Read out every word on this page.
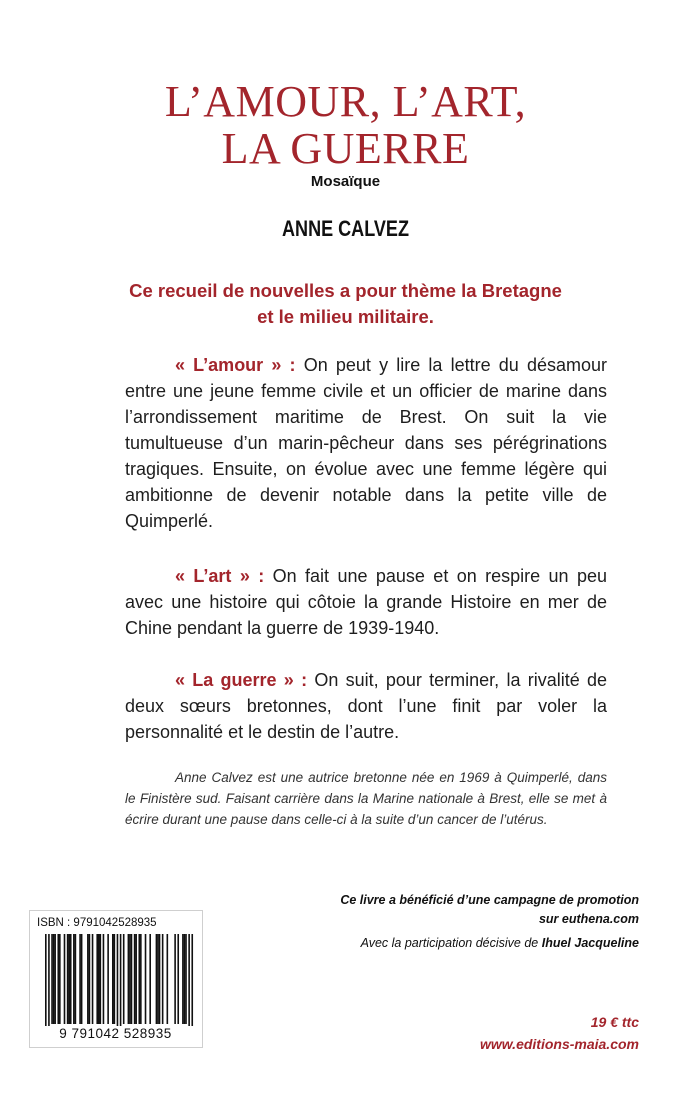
L’AMOUR, L’ART,
LA GUERRE
Mosaïque
ANNE CALVEZ
Ce recueil de nouvelles a pour thème la Bretagne
et le milieu militaire.
« L’amour » : On peut y lire la lettre du désamour entre une jeune femme civile et un officier de marine dans l’arrondissement maritime de Brest. On suit la vie tumultueuse d’un marin-pêcheur dans ses pérégrinations tragiques. Ensuite, on évolue avec une femme légère qui ambitionne de devenir notable dans la petite ville de Quimperlé.
« L’art » : On fait une pause et on respire un peu avec une histoire qui côtoie la grande Histoire en mer de Chine pendant la guerre de 1939-1940.
« La guerre » : On suit, pour terminer, la rivalité de deux sœurs bretonnes, dont l’une finit par voler la personnalité et le destin de l’autre.
Anne Calvez est une autrice bretonne née en 1969 à Quimperlé, dans le Finistère sud. Faisant carrière dans la Marine nationale à Brest, elle se met à écrire durant une pause dans celle-ci à la suite d’un cancer de l’utérus.
Ce livre a bénéficié d’une campagne de promotion
sur euthena.com
Avec la participation décisive de Ihuel Jacqueline
ISBN : 9791042528935
9 791042 528935
19 € ttc
www.editions-maia.com
